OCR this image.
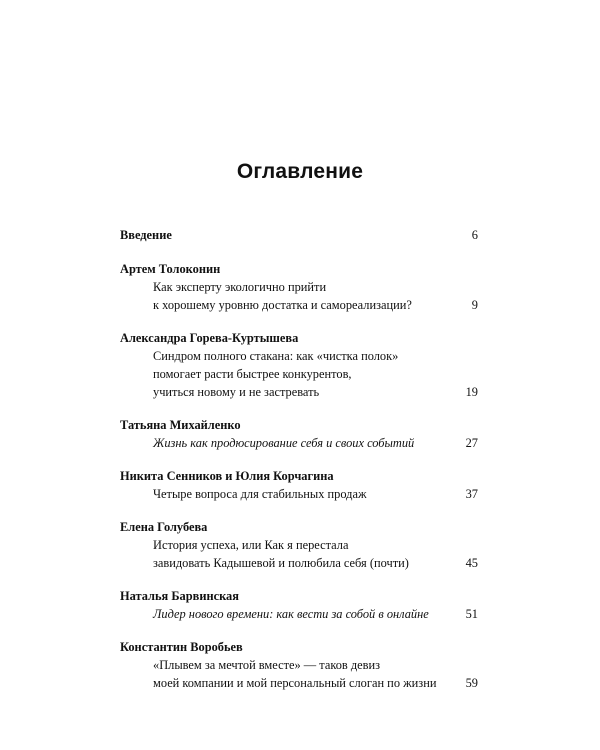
Оглавление
Введение	6
Артем Толоконин
Как эксперту экологично прийти
к хорошему уровню достатка и самореализации?	9
Александра Горева-Куртышева
Синдром полного стакана: как «чистка полок»
помогает расти быстрее конкурентов,
учиться новому и не застревать	19
Татьяна Михайленко
Жизнь как продюсирование себя и своих событий	27
Никита Сенников и Юлия Корчагина
Четыре вопроса для стабильных продаж	37
Елена Голубева
История успеха, или Как я перестала
завидовать Кадышевой и полюбила себя (почти)	45
Наталья Барвинская
Лидер нового времени: как вести за собой в онлайне	51
Константин Воробьев
«Плывем за мечтой вместе» — таков девиз
моей компании и мой персональный слоган по жизни	59
